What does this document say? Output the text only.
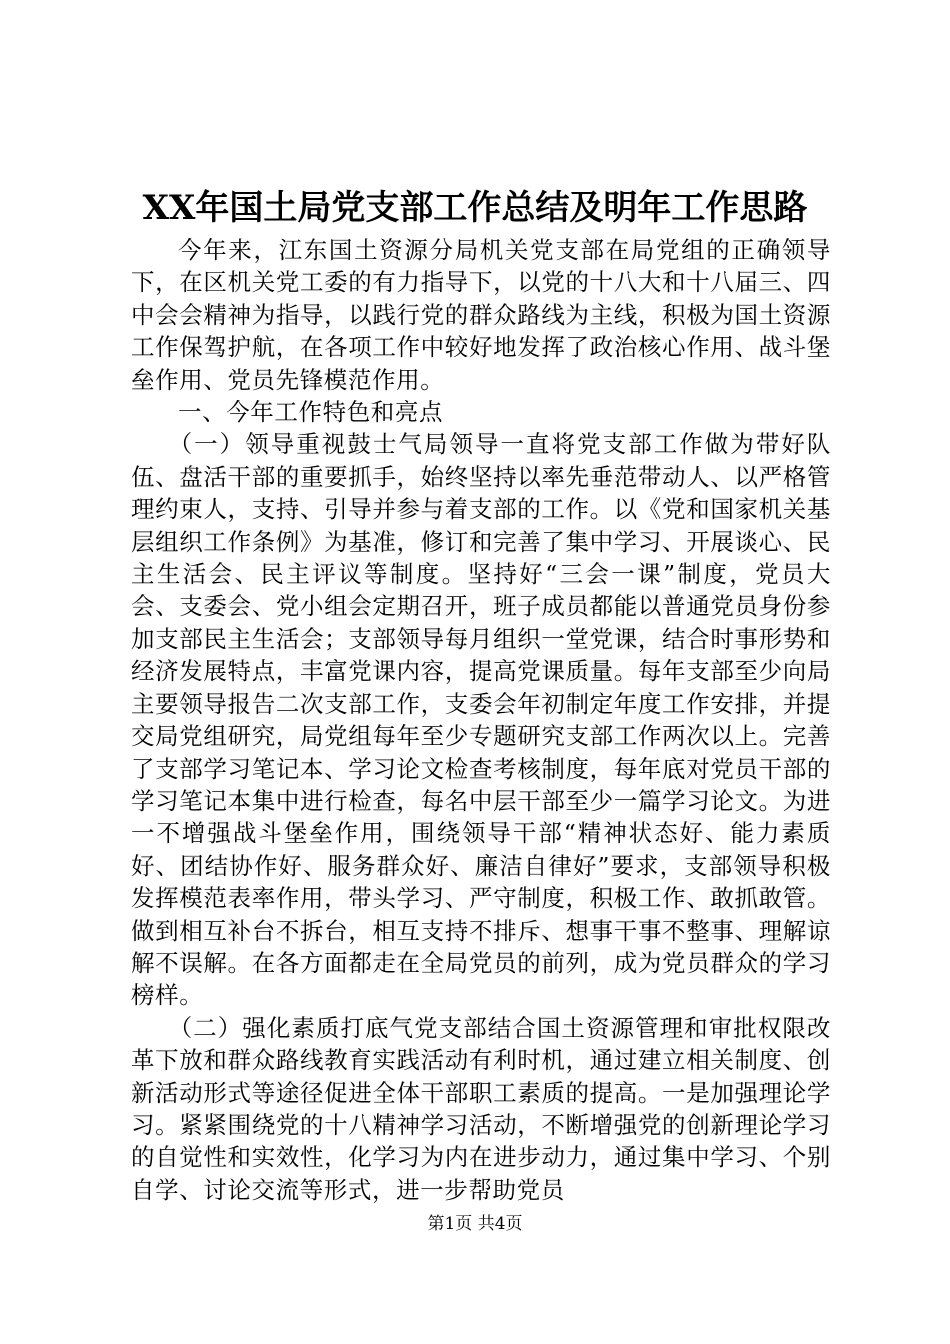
XX年国土局党支部工作总结及明年工作思路

今年来，江东国土资源分局机关党支部在局党组的正确领导下，在区机关党工委的有力指导下，以党的十八大和十八届三、四中会会精神为指导，以践行党的群众路线为主线，积极为国土资源工作保驾护航，在各项工作中较好地发挥了政治核心作用、战斗堡垒作用、党员先锋模范作用。

一、今年工作特色和亮点

（一）领导重视鼓士气局领导一直将党支部工作做为带好队伍、盘活干部的重要抓手，始终坚持以率先垂范带动人、以严格管理约束人，支持、引导并参与着支部的工作。以《党和国家机关基层组织工作条例》为基准，修订和完善了集中学习、开展谈心、民主生活会、民主评议等制度。坚持好“三会一课”制度，党员大会、支委会、党小组会定期召开，班子成员都能以普通党员身份参加支部民主生活会；支部领导每月组织一堂党课，结合时事形势和经济发展特点，丰富党课内容，提高党课质量。每年支部至少向局主要领导报告二次支部工作，支委会年初制定年度工作安排，并提交局党组研究，局党组每年至少专题研究支部工作两次以上。完善了支部学习笔记本、学习论文检查考核制度，每年底对党员干部的学习笔记本集中进行检查，每名中层干部至少一篇学习论文。为进一不增强战斗堡垒作用，围绕领导干部“精神状态好、能力素质好、团结协作好、服务群众好、廉洁自律好”要求，支部领导积极发挥模范表率作用，带头学习、严守制度，积极工作、敢抓敢管。做到相互补台不拆台，相互支持不排斥、想事干事不整事、理解谅解不误解。在各方面都走在全局党员的前列，成为党员群众的学习榜样。

（二）强化素质打底气党支部结合国土资源管理和审批权限改革下放和群众路线教育实践活动有利时机，通过建立相关制度、创新活动形式等途径促进全体干部职工素质的提高。一是加强理论学习。紧紧围绕党的十八精神学习活动，不断增强党的创新理论学习的自觉性和实效性，化学习为内在进步动力，通过集中学习、个别自学、讨论交流等形式，进一步帮助党员

第1页 共4页
